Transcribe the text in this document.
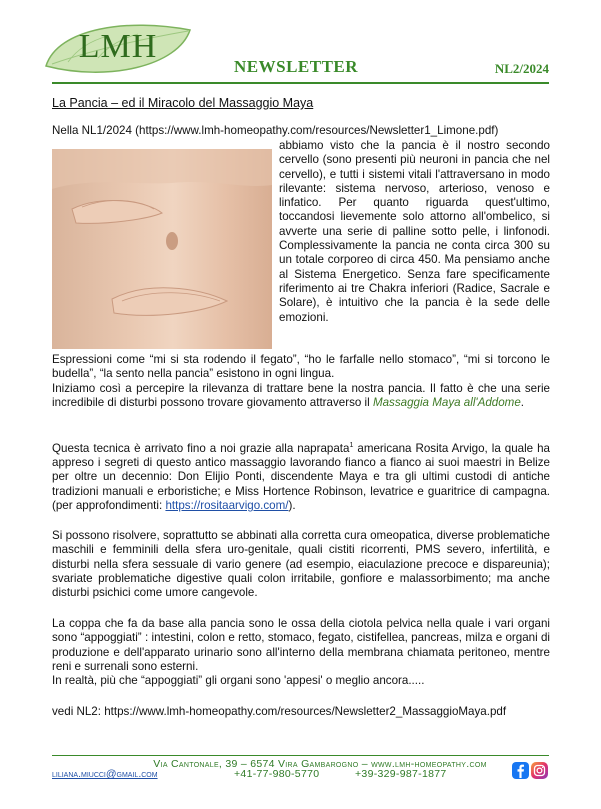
LMH
NEWSLETTER	NL2/2024
La Pancia – ed il Miracolo del Massaggio Maya
Nella NL1/2024 (https://www.lmh-homeopathy.com/resources/Newsletter1_Limone.pdf)
abbiamo visto che la pancia è il nostro secondo cervello (sono presenti più neuroni in pancia che nel cervello), e tutti i sistemi vitali l'attraversano in modo rilevante: sistema nervoso, arterioso, venoso e linfatico. Per quanto riguarda quest'ultimo, toccandosi lievemente solo attorno all'ombelico, si avverte una serie di palline sotto pelle, i linfonodi. Complessivamente la pancia ne conta circa 300 su un totale corporeo di circa 450. Ma pensiamo anche al Sistema Energetico. Senza fare specificamente riferimento ai tre Chakra inferiori (Radice, Sacrale e Solare), è intuitivo che la pancia è la sede delle emozioni.
Espressioni come “mi si sta rodendo il fegato”, “ho le farfalle nello stomaco”, “mi si torcono le budella”, “la sento nella pancia” esistono in ogni lingua.
Iniziamo così a percepire la rilevanza di trattare bene la nostra pancia. Il fatto è che una serie incredibile di disturbi possono trovare giovamento attraverso il Massaggia Maya all'Addome.
Questa tecnica è arrivato fino a noi grazie alla naprapata$^1$ americana Rosita Arvigo, la quale ha appreso i segreti di questo antico massaggio lavorando fianco a fianco ai suoi maestri in Belize per oltre un decennio: Don Elijio Ponti, discendente Maya e tra gli ultimi custodi di antiche tradizioni manuali e erboristiche; e Miss Hortence Robinson, levatrice e guaritrice di campagna. (per approfondimenti: https://rositaarvigo.com/).
Si possono risolvere, soprattutto se abbinati alla corretta cura omeopatica, diverse problematiche maschili e femminili della sfera uro-genitale, quali cistiti ricorrenti, PMS severo, infertilità, e disturbi nella sfera sessuale di vario genere (ad esempio, eiaculazione precoce e dispareunia); svariate problematiche digestive quali colon irritabile, gonfiore e malassorbimento; ma anche disturbi psichici come umore cangevole.
La coppa che fa da base alla pancia sono le ossa della ciotola pelvica nella quale i vari organi sono “appoggiati” : intestini, colon e retto, stomaco, fegato, cistifellea, pancreas, milza e organi di produzione e dell'apparato urinario sono all'interno della membrana chiamata peritoneo, mentre reni e surrenali sono esterni.
In realtà, più che “appoggiati” gli organi sono 'appesi' o meglio ancora.....
vedi NL2: https://www.lmh-homeopathy.com/resources/Newsletter2_MassaggioMaya.pdf
Via Cantonale, 39 – 6574 Vira Gambarogno – www.lmh-homeopathy.com
liliana.miucci@gmail.com	+41-77-980-5770	+39-329-987-1877
